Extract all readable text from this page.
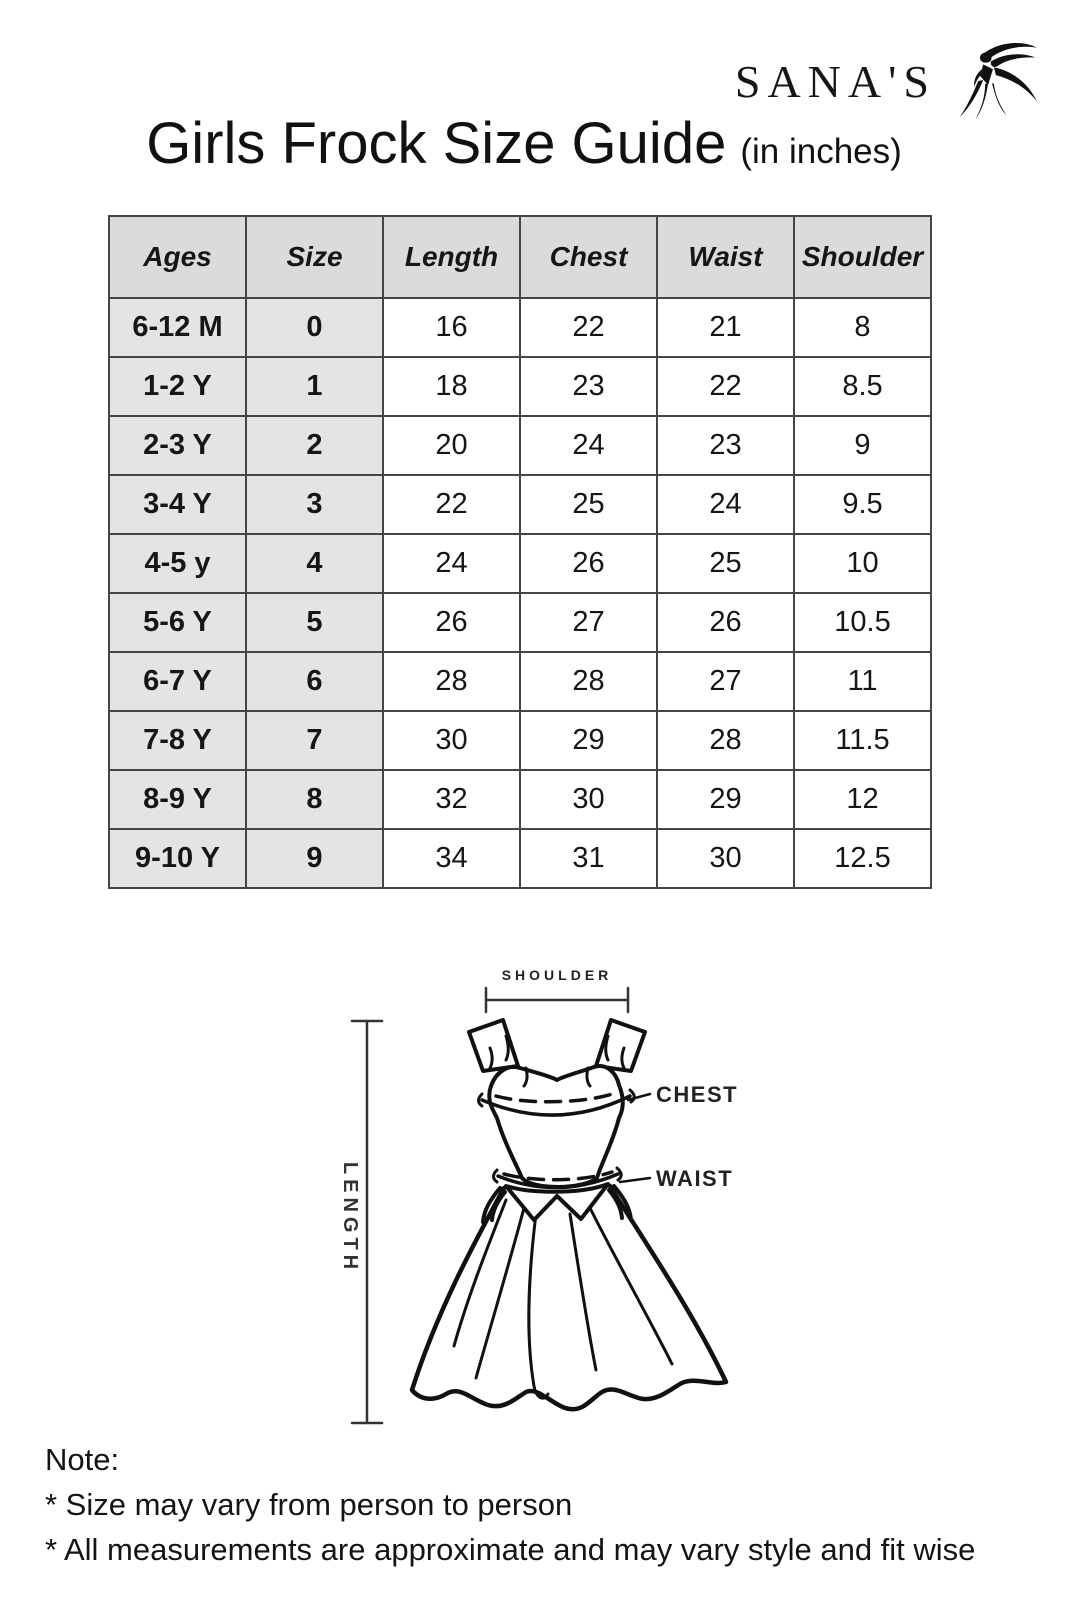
SANA'S
Girls Frock Size Guide (in inches)
Ages	Size	Length	Chest	Waist	Shoulder
6-12 M	0	16	22	21	8
1-2 Y	1	18	23	22	8.5
2-3 Y	2	20	24	23	9
3-4 Y	3	22	25	24	9.5
4-5 y	4	24	26	25	10
5-6 Y	5	26	27	26	10.5
6-7 Y	6	28	28	27	11
7-8 Y	7	30	29	28	11.5
8-9 Y	8	32	30	29	12
9-10 Y	9	34	31	30	12.5
SHOULDER
CHEST
WAIST
LENGTH
Note:
* Size may vary from person to person
* All measurements are approximate and may vary style and fit wise
